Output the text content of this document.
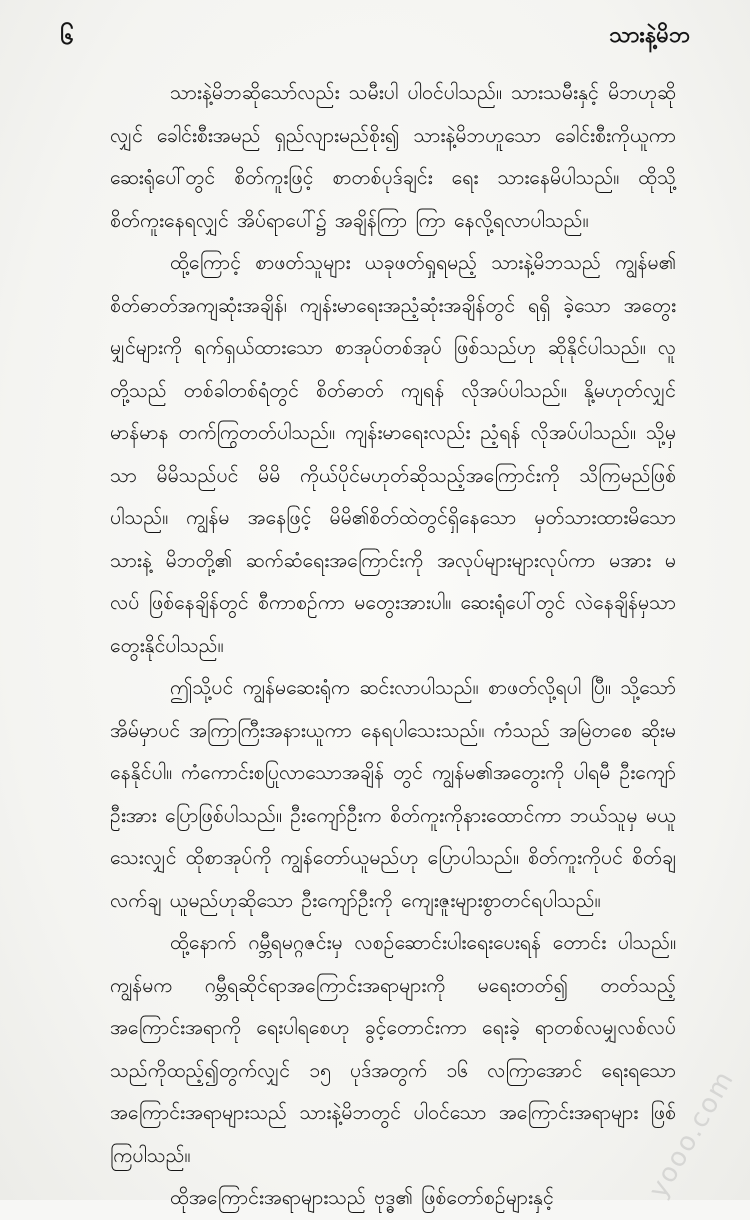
၆	သားနဲ့မိဘ

သားနဲ့မိဘဆိုသော်လည်း သမီးပါ ပါဝင်ပါသည်။ သားသမီးနှင့် မိဘဟုဆိုလျှင် ခေါင်းစီးအမည် ရှည်လျားမည်စိုး၍ သားနဲ့မိဘဟူသော ခေါင်းစီးကိုယူကာ ဆေးရုံပေါ်တွင် စိတ်ကူးဖြင့် စာတစ်ပုဒ်ချင်း ရေး သားနေမိပါသည်။ ထိုသို့ စိတ်ကူးနေရလျှင် အိပ်ရာပေါ်၌ အချိန်ကြာ ကြာ နေလို့ရလာပါသည်။

ထို့ကြောင့် စာဖတ်သူများ ယခုဖတ်ရှုရမည့် သားနဲ့မိဘသည် ကျွန်မ၏ စိတ်ဓာတ်အကျဆုံးအချိန်၊ ကျန်းမာရေးအညံ့ဆုံးအချိန်တွင် ရရှိ ခဲ့သော အတွေးမျှင်များကို ရက်ရှယ်ထားသော စာအုပ်တစ်အုပ် ဖြစ်သည်ဟု ဆိုနိုင်ပါသည်။ လူတို့သည် တစ်ခါတစ်ရံတွင် စိတ်ဓာတ် ကျရန် လိုအပ်ပါသည်။ နို့မဟုတ်လျှင် မာန်မာန တက်ကြွတတ်ပါသည်။ ကျန်းမာရေးလည်း ညံ့ရန် လိုအပ်ပါသည်။ သို့မှသာ မိမိသည်ပင် မိမိ ကိုယ်ပိုင်မဟုတ်ဆိုသည့်အကြောင်းကို သိကြမည်ဖြစ်ပါသည်။ ကျွန်မ အနေဖြင့် မိမိ၏စိတ်ထဲတွင်ရှိနေသော မှတ်သားထားမိသော သားနဲ့ မိဘတို့၏ ဆက်ဆံရေးအကြောင်းကို အလုပ်များများလုပ်ကာ မအား မလပ် ဖြစ်နေချိန်တွင် စီကာစဉ်ကာ မတွေးအားပါ။ ဆေးရုံပေါ်တွင် လဲနေချိန်မှသာ တွေးနိုင်ပါသည်။

ဤသို့ပင် ကျွန်မဆေးရုံက ဆင်းလာပါသည်။ စာဖတ်လို့ရပါ ပြီ။ သို့သော် အိမ်မှာပင် အကြာကြီးအနားယူကာ နေရပါသေးသည်။ ကံသည် အမြဲတစေ ဆိုးမနေနိုင်ပါ။ ကံကောင်းစပြုလာသောအချိန် တွင် ကျွန်မ၏အတွေးကို ပါရမီ ဦးကျော်ဦးအား ပြောဖြစ်ပါသည်။ ဦးကျော်ဦးက စိတ်ကူးကိုနားထောင်ကာ ဘယ်သူမှ မယူသေးလျှင် ထိုစာအုပ်ကို ကျွန်တော်ယူမည်ဟု ပြောပါသည်။ စိတ်ကူးကိုပင် စိတ်ချ လက်ချ ယူမည်ဟုဆိုသော ဦးကျော်ဦးကို ကျေးဇူးများစွာတင်ရပါသည်။

ထို့နောက် ဂမ္ဘီရမဂ္ဂဇင်းမှ လစဉ်ဆောင်းပါးရေးပေးရန် တောင်း ပါသည်။ ကျွန်မက ဂမ္ဘီရဆိုင်ရာအကြောင်းအရာများကို မရေးတတ်၍ တတ်သည့်အကြောင်းအရာကို ရေးပါရစေဟု ခွင့်တောင်းကာ ရေးခဲ့ ရာတစ်လမျှလစ်လပ်သည်ကိုထည့်၍တွက်လျှင် ၁၅ ပုဒ်အတွက် ၁၆ လကြာအောင် ရေးရသောအကြောင်းအရာများသည် သားနဲ့မိဘတွင် ပါဝင်သော အကြောင်းအရာများ ဖြစ်ကြပါသည်။

ထိုအကြောင်းအရာများသည် ဗုဒ္ဓ၏ ဖြစ်တော်စဉ်များနှင့်	yooo.com
